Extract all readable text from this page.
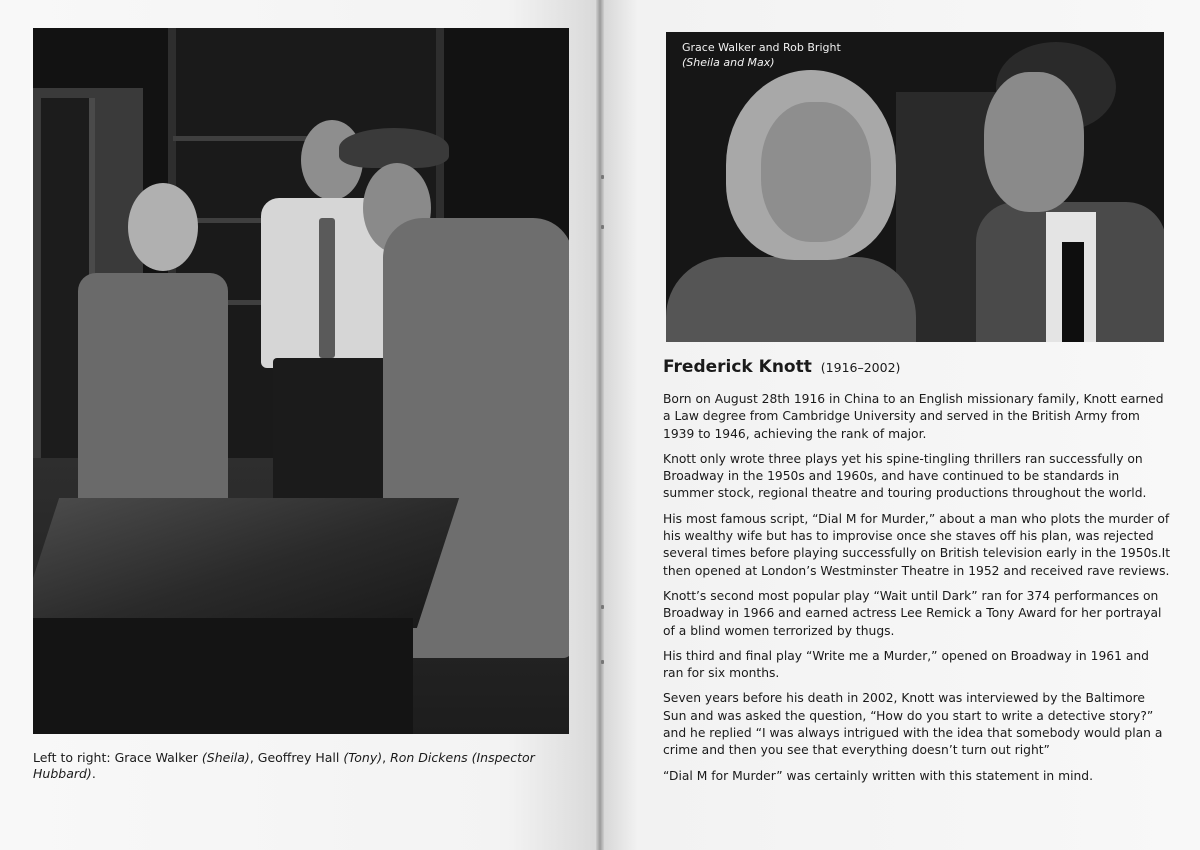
Left to right: Grace Walker (Sheila), Geoffrey Hall (Tony), Ron Dickens (Inspector Hubbard).
Grace Walker and Rob Bright
(Sheila and Max)
Frederick Knott (1916–2002)

Born on August 28th 1916 in China to an English missionary family, Knott earned a Law degree from Cambridge University and served in the British Army from 1939 to 1946, achieving the rank of major.

Knott only wrote three plays yet his spine-tingling thrillers ran successfully on Broadway in the 1950s and 1960s, and have continued to be standards in summer stock, regional theatre and touring productions throughout the world.

His most famous script, “Dial M for Murder,” about a man who plots the murder of his wealthy wife but has to improvise once she staves off his plan, was rejected several times before playing successfully on British television early in the 1950s.It then opened at London’s Westminster Theatre in 1952 and received rave reviews.

Knott’s second most popular play “Wait until Dark” ran for 374 performances on Broadway in 1966 and earned actress Lee Remick a Tony Award for her portrayal of a blind women terrorized by thugs.

His third and final play “Write me a Murder,” opened on Broadway in 1961 and ran for six months.

Seven years before his death in 2002, Knott was interviewed by the Baltimore Sun and was asked the question, “How do you start to write a detective story?” and he replied “I was always intrigued with the idea that somebody would plan a crime and then you see that everything doesn’t turn out right”

“Dial M for Murder” was certainly written with this statement in mind.
